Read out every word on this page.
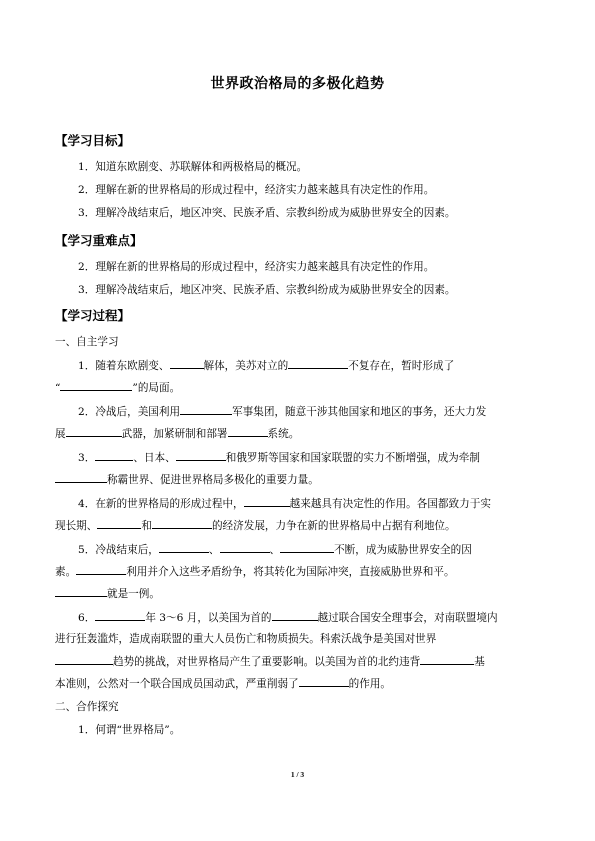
世界政治格局的多极化趋势
【学习目标】
1．知道东欧剧变、苏联解体和两极格局的概况。
2．理解在新的世界格局的形成过程中，经济实力越来越具有决定性的作用。
3．理解冷战结束后，地区冲突、民族矛盾、宗教纠纷成为威胁世界安全的因素。
【学习重难点】
2．理解在新的世界格局的形成过程中，经济实力越来越具有决定性的作用。
3．理解冷战结束后，地区冲突、民族矛盾、宗教纠纷成为威胁世界安全的因素。
【学习过程】
一、自主学习
1．随着东欧剧变、	解体，美苏对立的	不复存在，暂时形成了
“	”的局面。
2．冷战后，美国利用	军事集团，随意干涉其他国家和地区的事务，还大力发
展	武器，加紧研制和部署	系统。
3．	、日本、	和俄罗斯等国家和国家联盟的实力不断增强，成为牵制
称霸世界、促进世界格局多极化的重要力量。
4．在新的世界格局的形成过程中，	越来越具有决定性的作用。各国都致力于实
现长期、	和	的经济发展，力争在新的世界格局中占据有利地位。
5．冷战结束后，	、	、	不断，成为威胁世界安全的因
素。	利用并介入这些矛盾纷争，将其转化为国际冲突，直接威胁世界和平。
就是一例。
6．	年 3～6 月，以美国为首的	越过联合国安全理事会，对南联盟境内
进行狂轰滥炸，造成南联盟的重大人员伤亡和物质损失。科索沃战争是美国对世界
趋势的挑战，对世界格局产生了重要影响。以美国为首的北约违背	基
本准则，公然对一个联合国成员国动武，严重削弱了	的作用。
二、合作探究
1．何谓“世界格局”。
1 / 3
